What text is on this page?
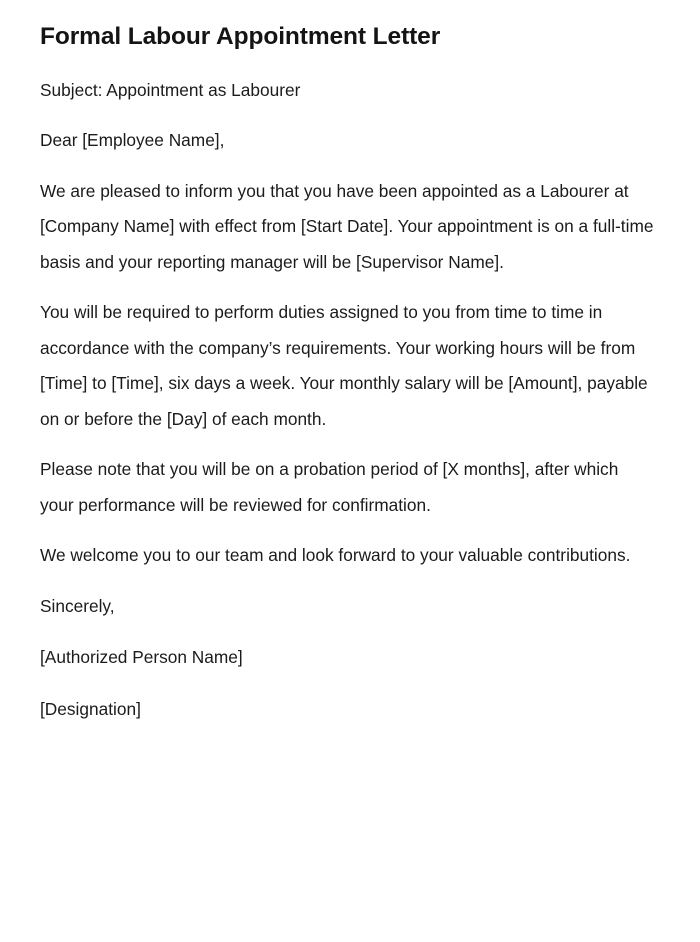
Formal Labour Appointment Letter

Subject: Appointment as Labourer

Dear [Employee Name],

We are pleased to inform you that you have been appointed as a Labourer at [Company Name] with effect from [Start Date]. Your appointment is on a full-time basis and your reporting manager will be [Supervisor Name].

You will be required to perform duties assigned to you from time to time in accordance with the company’s requirements. Your working hours will be from [Time] to [Time], six days a week. Your monthly salary will be [Amount], payable on or before the [Day] of each month.

Please note that you will be on a probation period of [X months], after which your performance will be reviewed for confirmation.

We welcome you to our team and look forward to your valuable contributions.

Sincerely,

[Authorized Person Name]

[Designation]
